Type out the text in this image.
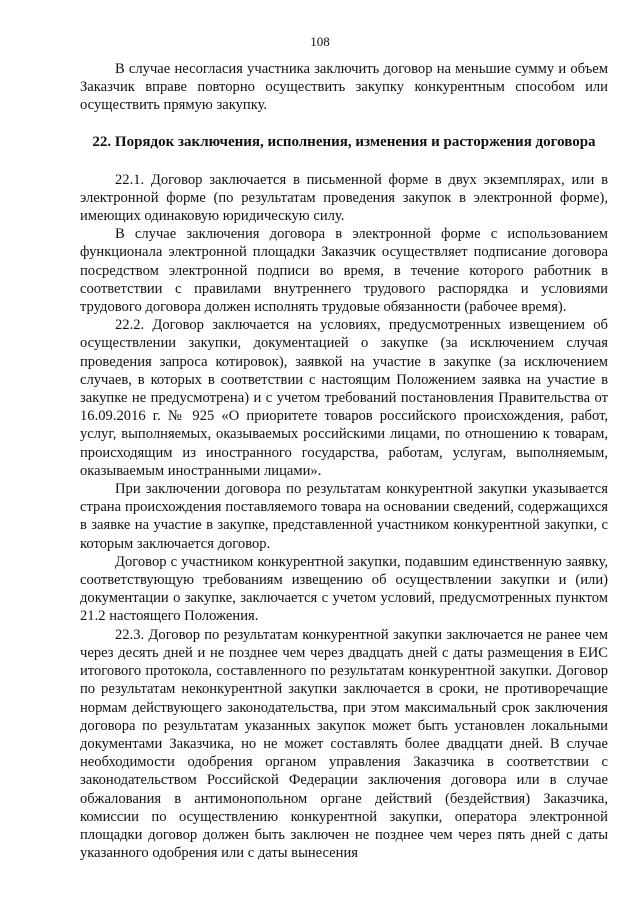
108

В случае несогласия участника заключить договор на меньшие сумму и объем Заказчик вправе повторно осуществить закупку конкурентным способом или осуществить прямую закупку.

22. Порядок заключения, исполнения, изменения и расторжения договора

22.1. Договор заключается в письменной форме в двух экземплярах, или в электронной форме (по результатам проведения закупок в электронной форме), имеющих одинаковую юридическую силу.

В случае заключения договора в электронной форме с использованием функционала электронной площадки Заказчик осуществляет подписание договора посредством электронной подписи во время, в течение которого работник в соответствии с правилами внутреннего трудового распорядка и условиями трудового договора должен исполнять трудовые обязанности (рабочее время).

22.2. Договор заключается на условиях, предусмотренных извещением об осуществлении закупки, документацией о закупке (за исключением случая проведения запроса котировок), заявкой на участие в закупке (за исключением случаев, в которых в соответствии с настоящим Положением заявка на участие в закупке не предусмотрена) и с учетом требований постановления Правительства от 16.09.2016 г. № 925 «О приоритете товаров российского происхождения, работ, услуг, выполняемых, оказываемых российскими лицами, по отношению к товарам, происходящим из иностранного государства, работам, услугам, выполняемым, оказываемым иностранными лицами».

При заключении договора по результатам конкурентной закупки указывается страна происхождения поставляемого товара на основании сведений, содержащихся в заявке на участие в закупке, представленной участником конкурентной закупки, с которым заключается договор.

Договор с участником конкурентной закупки, подавшим единственную заявку, соответствующую требованиям извещению об осуществлении закупки и (или) документации о закупке, заключается с учетом условий, предусмотренных пунктом 21.2 настоящего Положения.

22.3. Договор по результатам конкурентной закупки заключается не ранее чем через десять дней и не позднее чем через двадцать дней с даты размещения в ЕИС итогового протокола, составленного по результатам конкурентной закупки. Договор по результатам неконкурентной закупки заключается в сроки, не противоречащие нормам действующего законодательства, при этом максимальный срок заключения договора по результатам указанных закупок может быть установлен локальными документами Заказчика, но не может составлять более двадцати дней. В случае необходимости одобрения органом управления Заказчика в соответствии с законодательством Российской Федерации заключения договора или в случае обжалования в антимонопольном органе действий (бездействия) Заказчика, комиссии по осуществлению конкурентной закупки, оператора электронной площадки договор должен быть заключен не позднее чем через пять дней с даты указанного одобрения или с даты вынесения
